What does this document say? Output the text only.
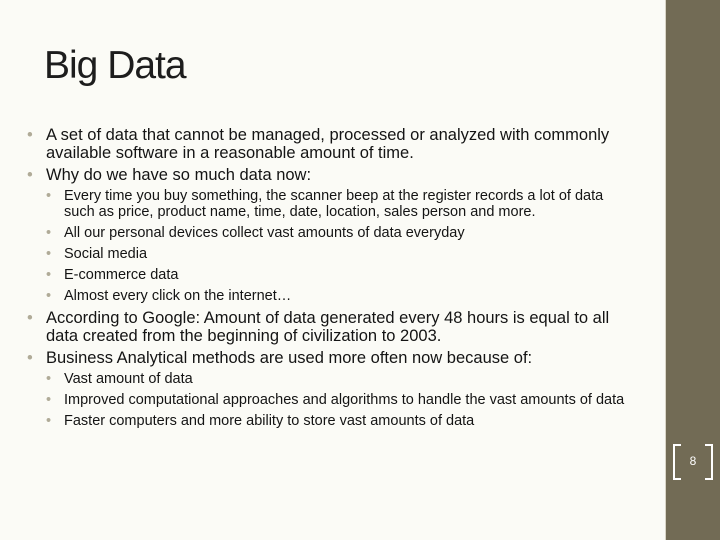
Big Data

• A set of data that cannot be managed, processed or analyzed with commonly available software in a reasonable amount of time.

• Why do we have so much data now:

• Every time you buy something, the scanner beep at the register records a lot of data such as price, product name, time, date, location, sales person and more.

• All our personal devices collect vast amounts of data everyday

• Social media

• E-commerce data

• Almost every click on the internet…

• According to Google: Amount of data generated every 48 hours is equal to all data created from the beginning of civilization to 2003.

• Business Analytical methods are used more often now because of:

• Vast amount of data

• Improved computational approaches and algorithms to handle the vast amounts of data

• Faster computers and more ability to store vast amounts of data

8
